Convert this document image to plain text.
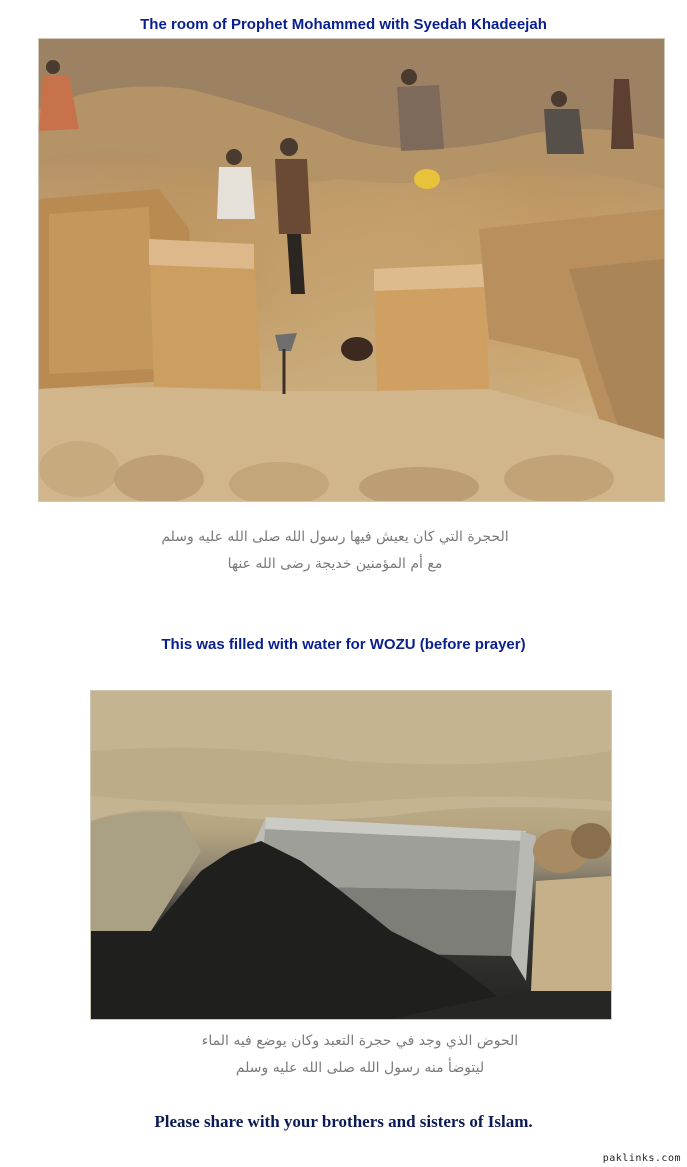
The room of Prophet Mohammed with Syedah Khadeejah
الحجرة التي كان يعيش فيها رسول الله صلى الله عليه وسلم
مع أم المؤمنين خديجة رضى الله عنها
This was filled with water for WOZU (before prayer)
الحوض الذي وجد في حجرة التعبد وكان يوضع فيه الماء
ليتوضأ منه رسول الله صلى الله عليه وسلم
Please share with your brothers and sisters of Islam.
paklinks.com
